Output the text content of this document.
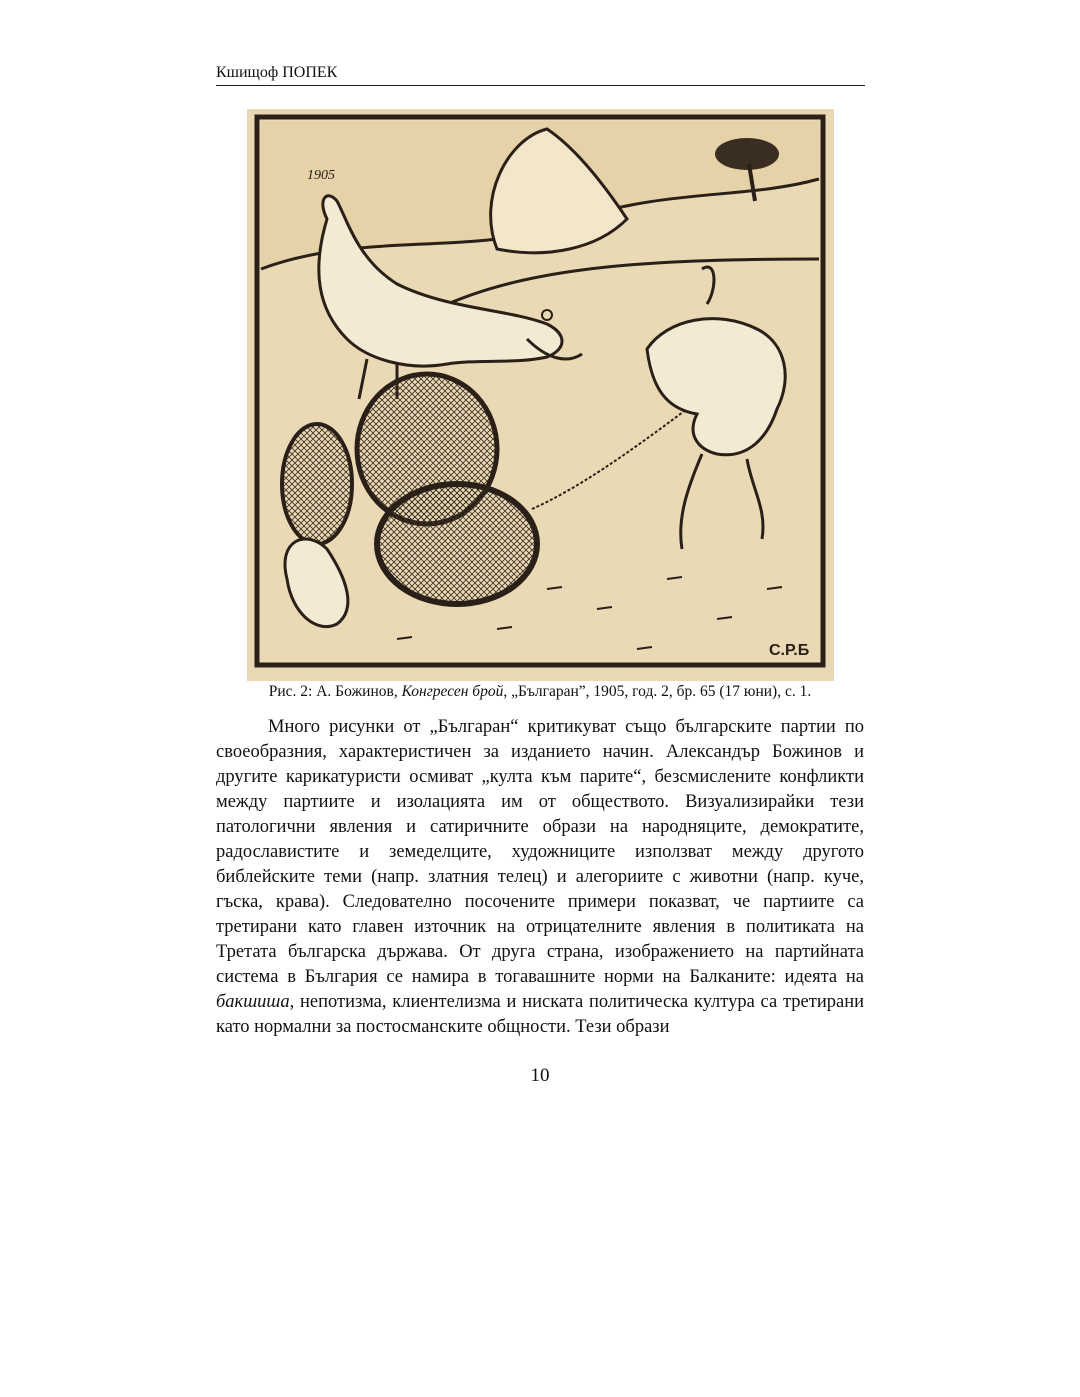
Кшищоф ПОПЕК
С.Р.Б
1905
Рис. 2: А. Божинов, Конгресен брой, „Българан”, 1905, год. 2, бр. 65 (17 юни), с. 1.

Много рисунки от „Българан“ критикуват също българските партии по своеобразния, характеристичен за изданието начин. Александър Божинов и другите карикатуристи осмиват „култа към парите“, безсмислените конфликти между партиите и изолацията им от обществото. Визуализирайки тези патологични явления и сатиричните образи на народняците, демократите, радославистите и земеделците, художниците използват между другото библейските теми (напр. златния телец) и алегориите с животни (напр. куче, гъска, крава). Следователно посочените примери показват, че партиите са третирани като главен източник на отрицателните явления в политиката на Третата българска държава. От друга страна, изображението на партийната система в България се намира в тогавашните норми на Балканите: идеята на бакшиша, непотизма, клиентелизма и ниската политическа култура са третирани като нормални за постосманските общности. Тези образи

10
